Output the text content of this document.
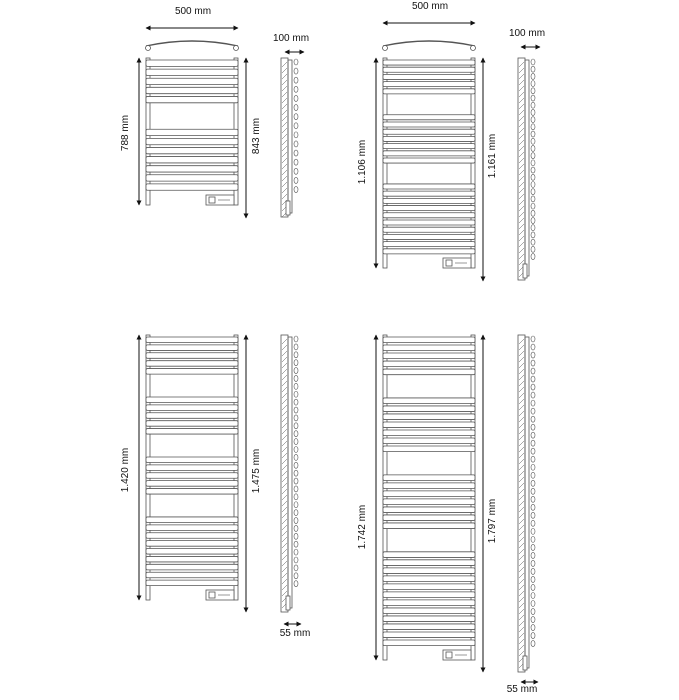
500 mm
100 mm
788 mm	843 mm
500 mm
100 mm
1.106 mm	1.161 mm
1.420 mm	1.475 mm
55 mm
1.742 mm	1.797 mm
55 mm
